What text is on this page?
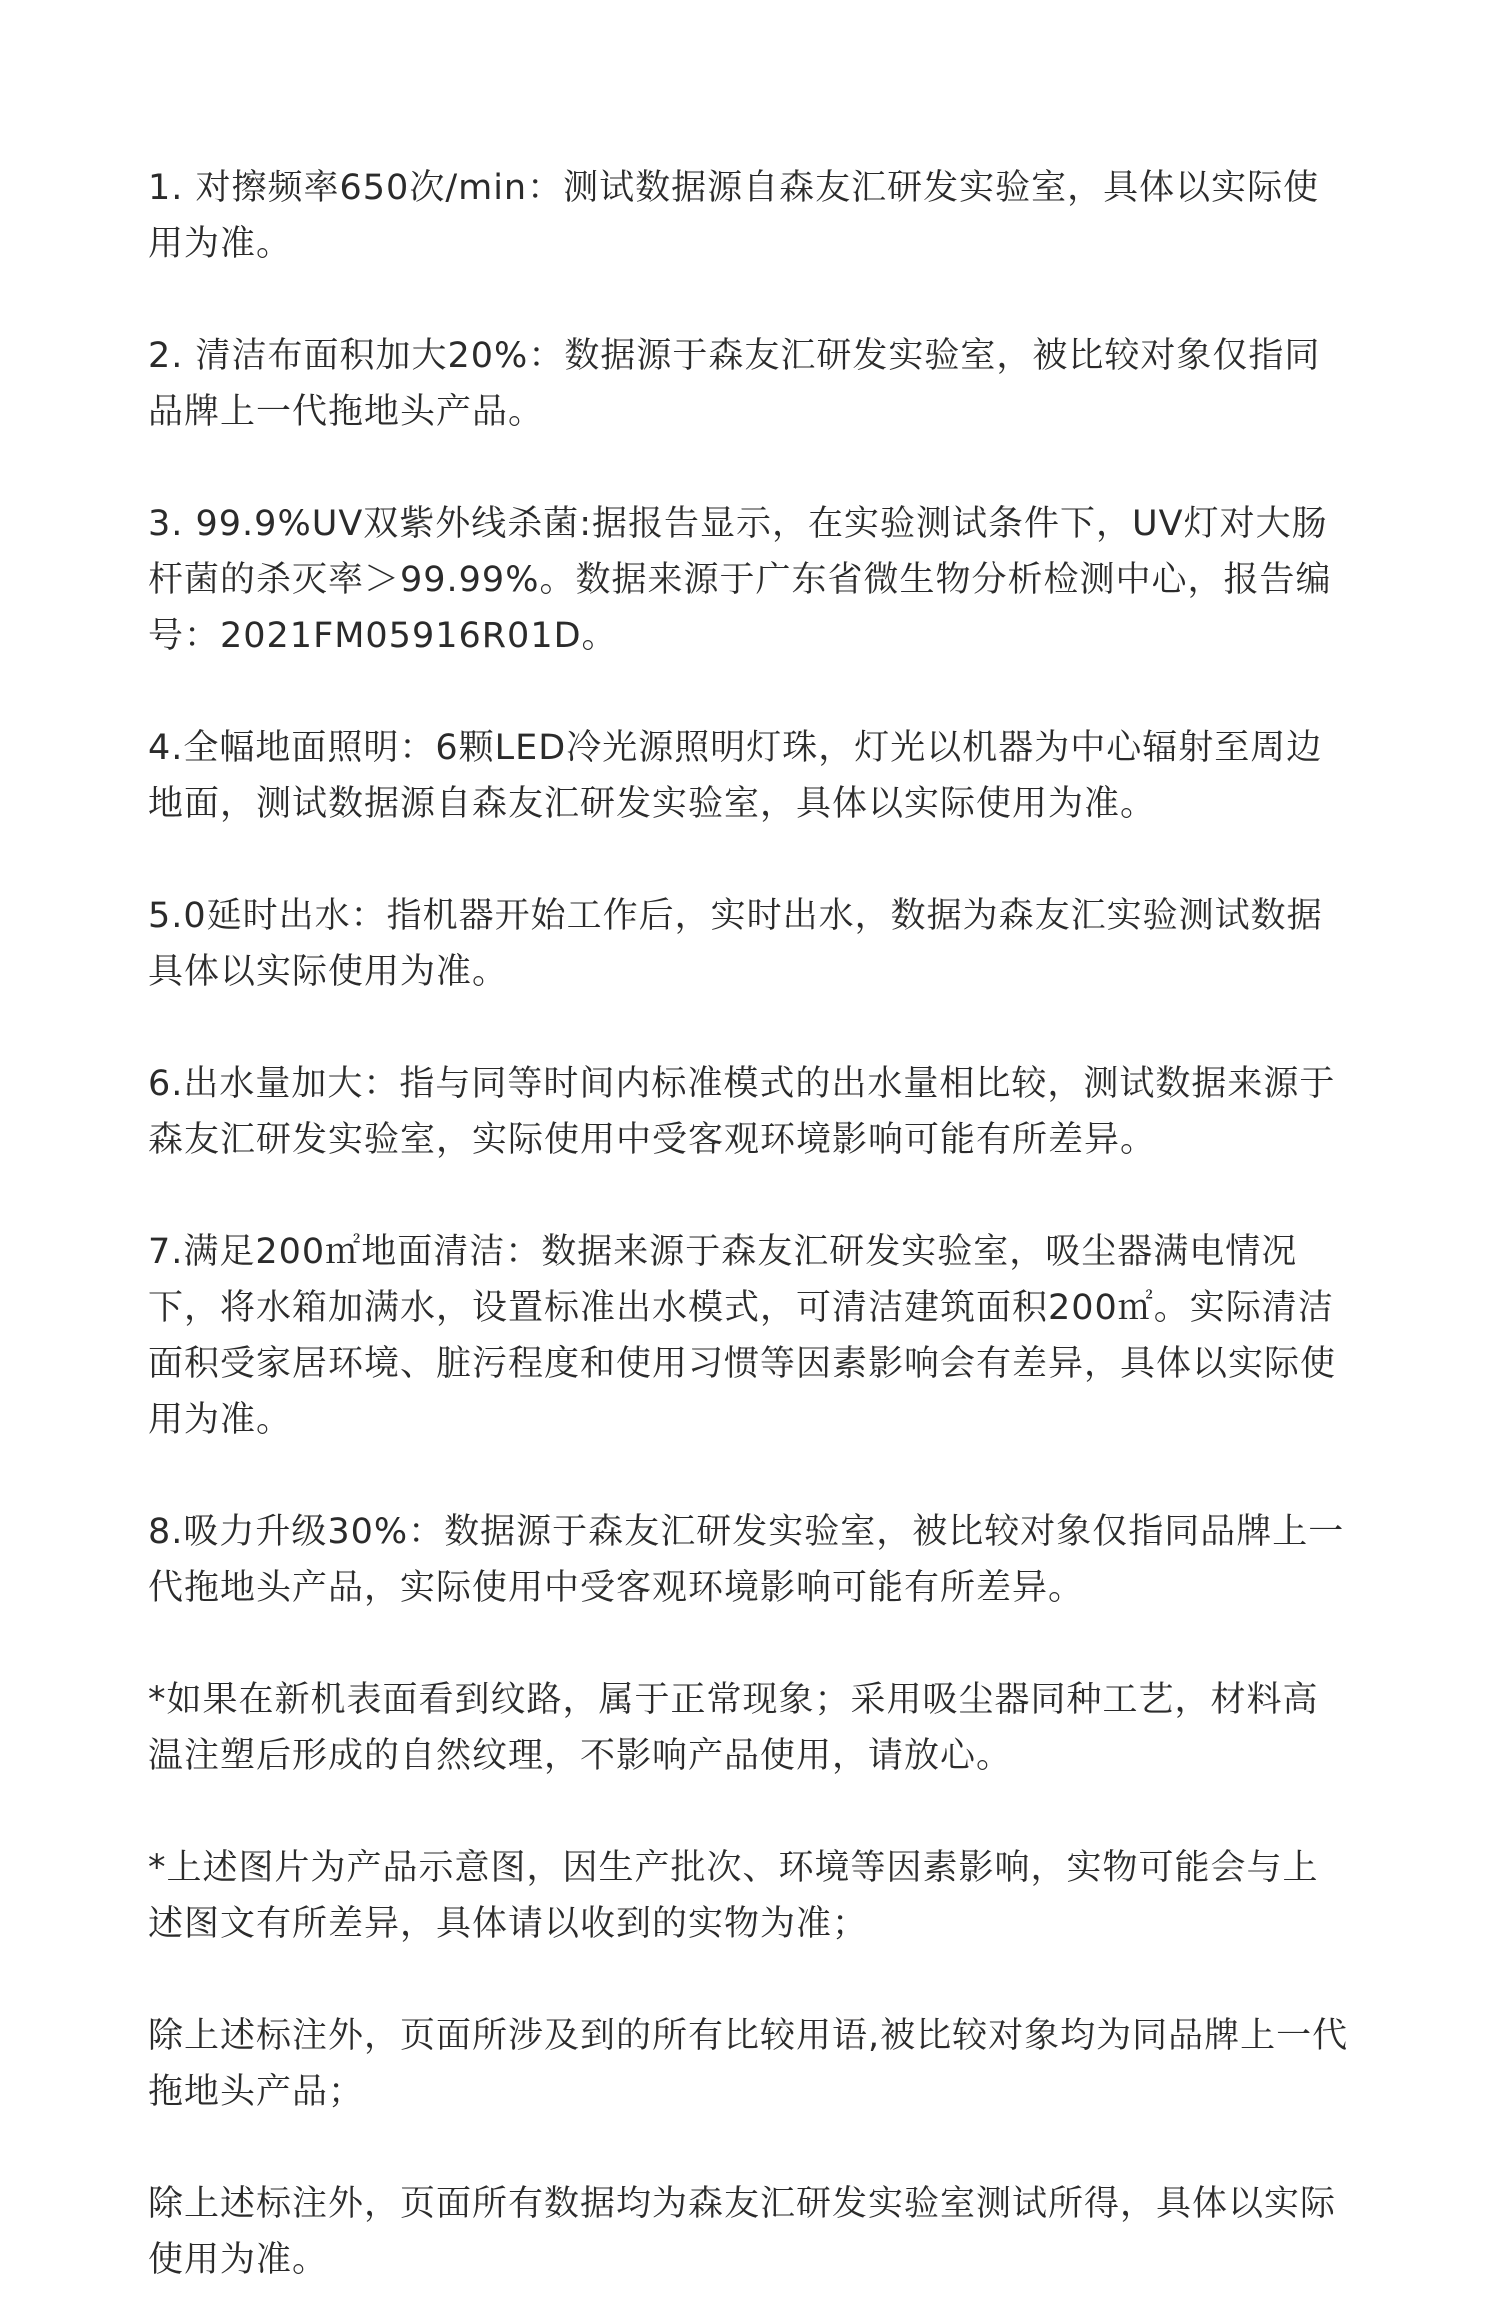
1. 对擦频率650次/min：测试数据源自森友汇研发实验室，具体以实际使用为准。

2. 清洁布面积加大20%：数据源于森友汇研发实验室，被比较对象仅指同品牌上一代拖地头产品。

3. 99.9%UV双紫外线杀菌:据报告显示，在实验测试条件下，UV灯对大肠杆菌的杀灭率＞99.99%。数据来源于广东省微生物分析检测中心，报告编号：2021FM05916R01D。

4.全幅地面照明：6颗LED冷光源照明灯珠，灯光以机器为中心辐射至周边地面，测试数据源自森友汇研发实验室，具体以实际使用为准。

5.0延时出水：指机器开始工作后，实时出水，数据为森友汇实验测试数据具体以实际使用为准。

6.出水量加大：指与同等时间内标准模式的出水量相比较，测试数据来源于森友汇研发实验室，实际使用中受客观环境影响可能有所差异。

7.满足200㎡地面清洁：数据来源于森友汇研发实验室，吸尘器满电情况下，将水箱加满水，设置标准出水模式，可清洁建筑面积200㎡。实际清洁面积受家居环境、脏污程度和使用习惯等因素影响会有差异，具体以实际使用为准。

8.吸力升级30%：数据源于森友汇研发实验室，被比较对象仅指同品牌上一代拖地头产品，实际使用中受客观环境影响可能有所差异。

*如果在新机表面看到纹路，属于正常现象；采用吸尘器同种工艺，材料高温注塑后形成的自然纹理，不影响产品使用，请放心。

*上述图片为产品示意图，因生产批次、环境等因素影响，实物可能会与上述图文有所差异，具体请以收到的实物为准；

除上述标注外，页面所涉及到的所有比较用语,被比较对象均为同品牌上一代拖地头产品；

除上述标注外，页面所有数据均为森友汇研发实验室测试所得，具体以实际使用为准。
